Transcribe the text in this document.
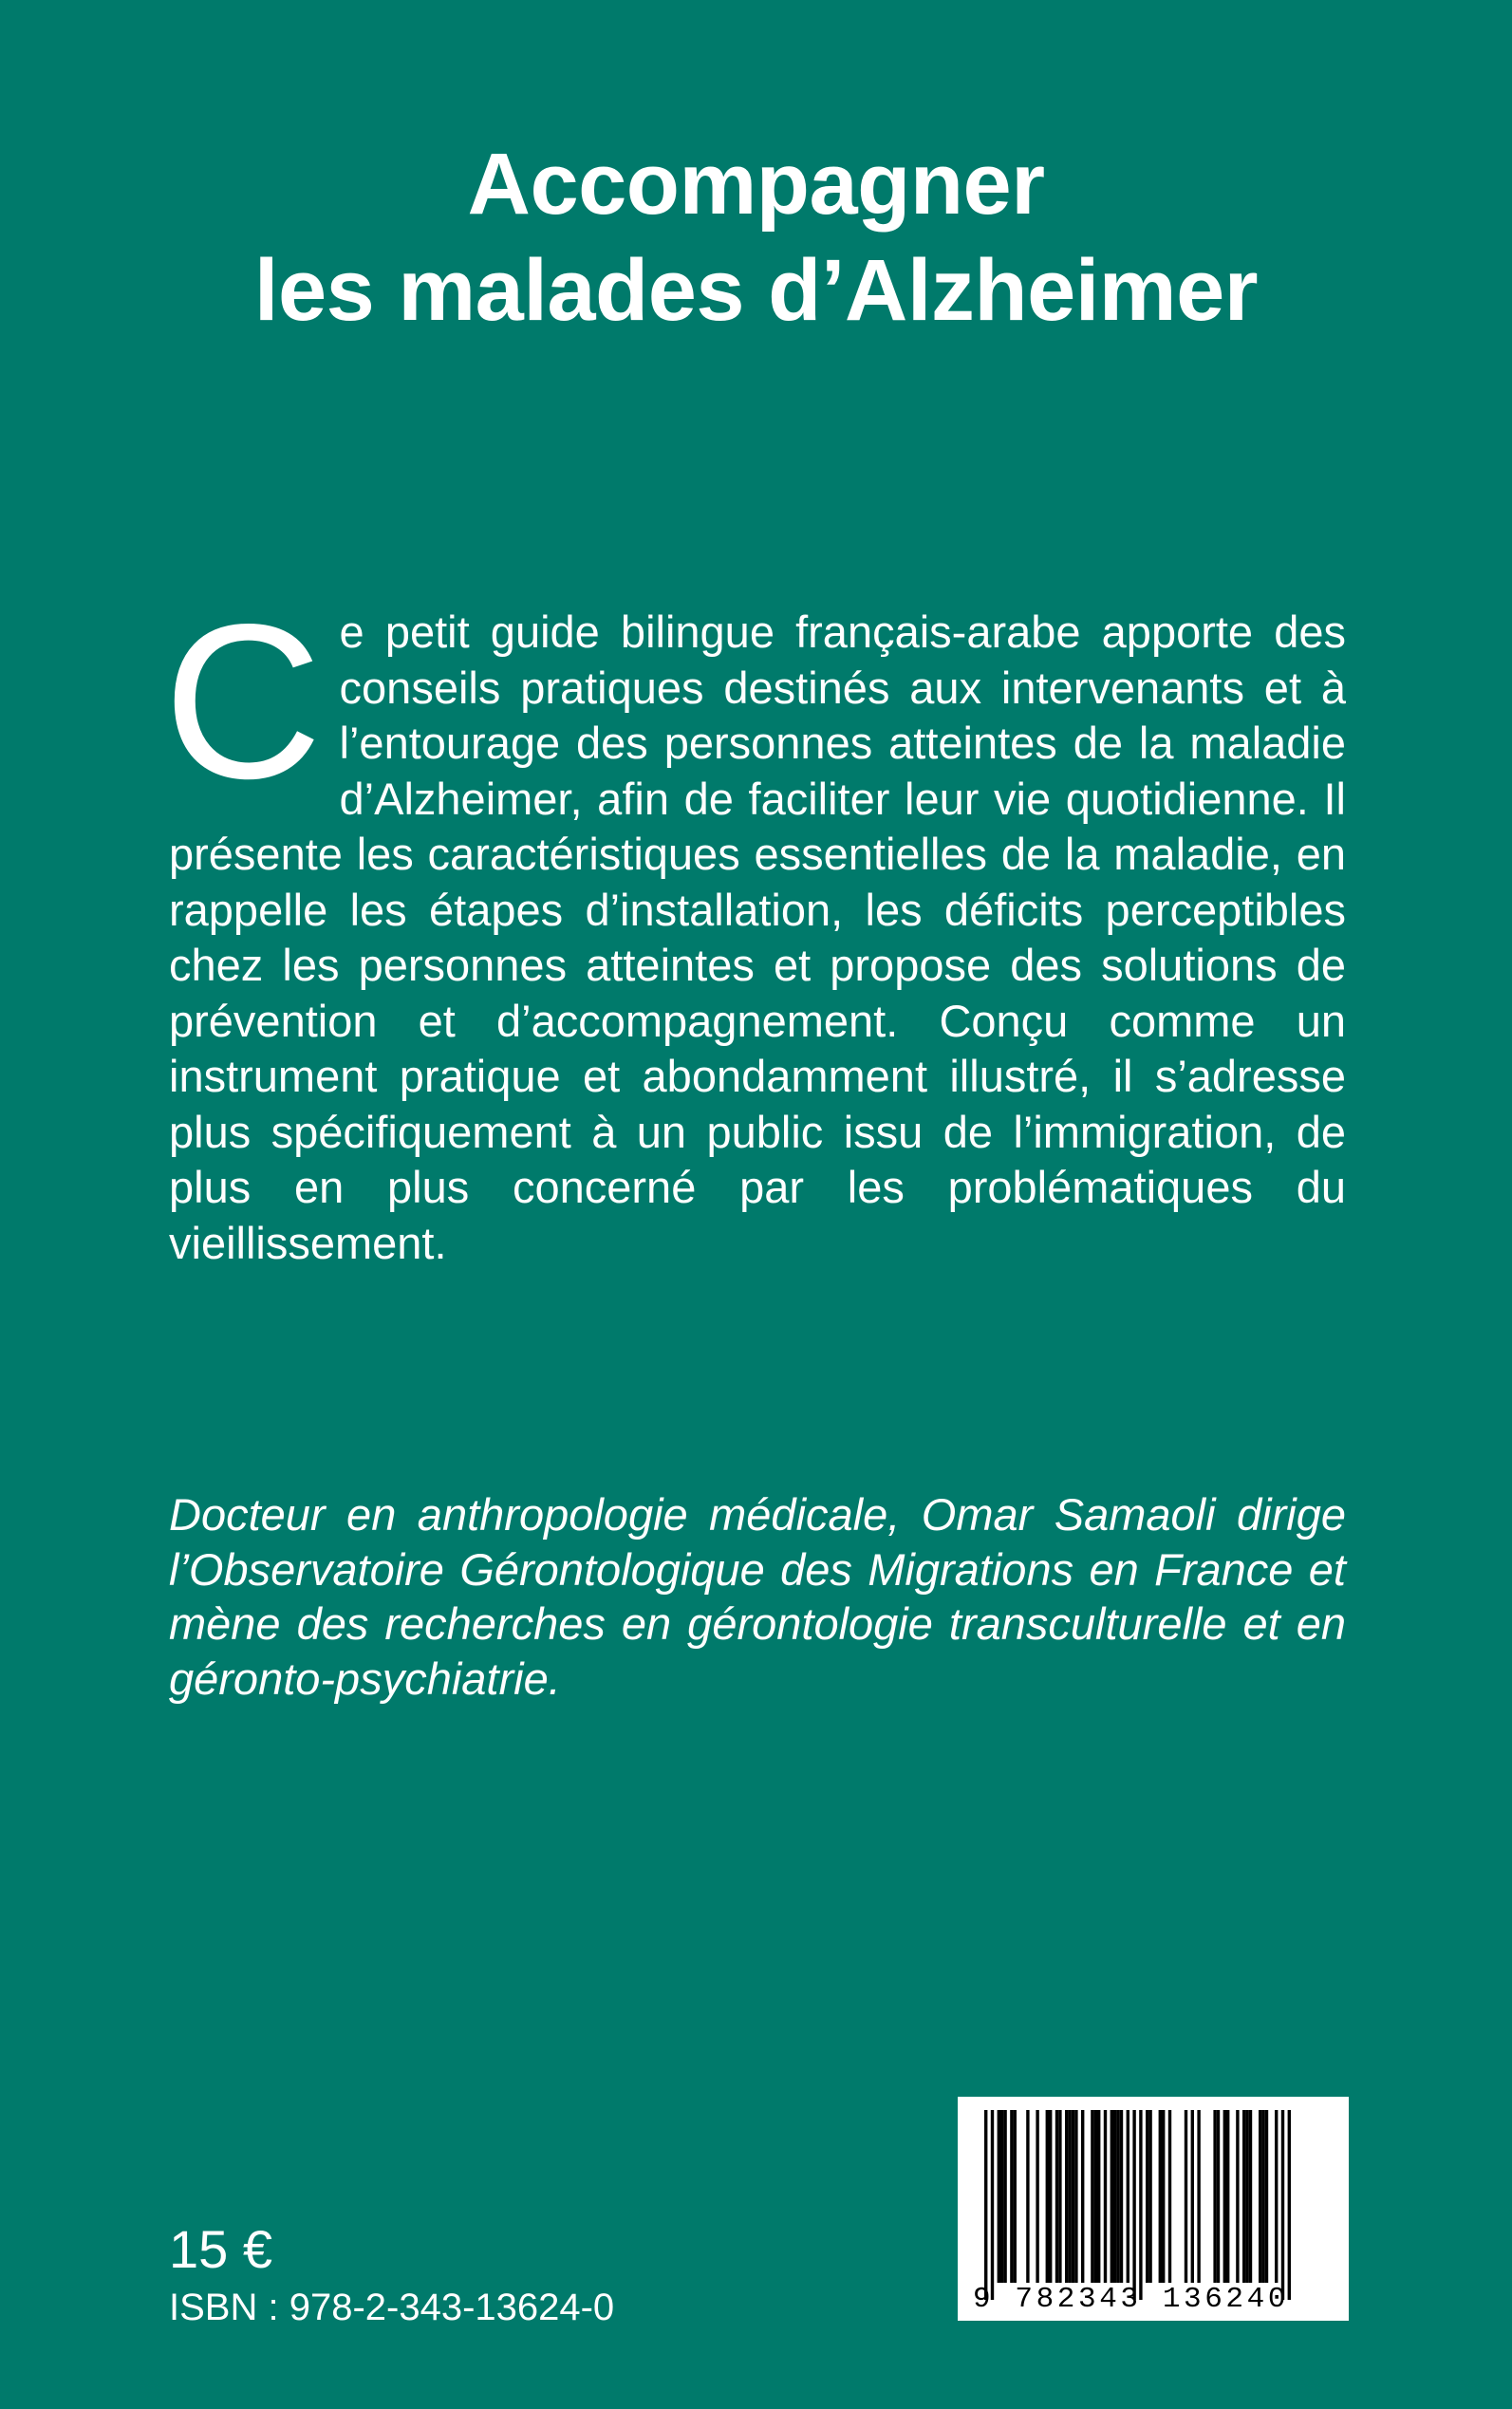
Accompagner
les malades d’Alzheimer

Ce petit guide bilingue français-arabe apporte des conseils pratiques destinés aux intervenants et à l’entourage des personnes atteintes de la maladie d’Alzheimer, afin de faciliter leur vie quotidienne. Il présente les caractéristiques essentielles de la maladie, en rappelle les étapes d’installation, les déficits perceptibles chez les personnes atteintes et propose des solutions de prévention et d’accompagnement. Conçu comme un instrument pratique et abondamment illustré, il s’adresse plus spécifiquement à un public issu de l’immigration, de plus en plus concerné par les problématiques du vieillissement.

Docteur en anthropologie médicale, Omar Samaoli dirige l’Observatoire Gérontologique des Migrations en France et mène des recherches en gérontologie transculturelle et en géronto-psychiatrie.

15 €

ISBN : 978-2-343-13624-0	9 782343 136240
